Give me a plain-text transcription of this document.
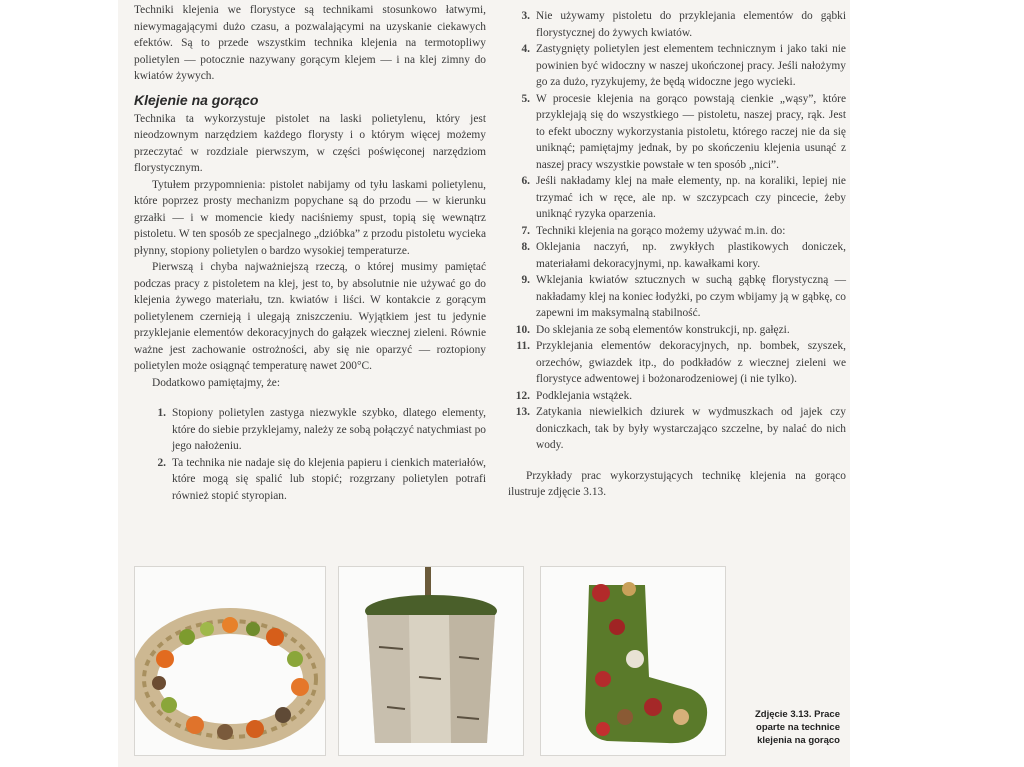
Techniki klejenia we florystyce są technikami stosunkowo łatwymi, niewymagającymi dużo czasu, a pozwalającymi na uzyskanie ciekawych efektów. Są to przede wszystkim technika klejenia na termotopliwy polietylen — potocznie nazywany gorącym klejem — i na klej zimny do kwiatów żywych.

Klejenie na gorąco

Technika ta wykorzystuje pistolet na laski polietylenu, który jest nieodzownym narzędziem każdego florysty i o którym więcej możemy przeczytać w rozdziale pierwszym, w części poświęconej narzędziom florystycznym.

Tytułem przypomnienia: pistolet nabijamy od tyłu laskami polietylenu, które poprzez prosty mechanizm popychane są do przodu — w kierunku grzałki — i w momencie kiedy naciśniemy spust, topią się wewnątrz pistoletu. W ten sposób ze specjalnego „dzióbka” z przodu pistoletu wycieka płynny, stopiony polietylen o bardzo wysokiej temperaturze.

Pierwszą i chyba najważniejszą rzeczą, o której musimy pamiętać podczas pracy z pistoletem na klej, jest to, by absolutnie nie używać go do klejenia żywego materiału, tzn. kwiatów i liści. W kontakcie z gorącym polietylenem czernieją i ulegają zniszczeniu. Wyjątkiem jest tu jedynie przyklejanie elementów dekoracyjnych do gałązek wiecznej zieleni. Równie ważne jest zachowanie ostrożności, aby się nie oparzyć — roztopiony polietylen może osiągnąć temperaturę nawet 200°C.

Dodatkowo pamiętajmy, że:

1. Stopiony polietylen zastyga niezwykle szybko, dlatego elementy, które do siebie przyklejamy, należy ze sobą połączyć natychmiast po jego nałożeniu.
2. Ta technika nie nadaje się do klejenia papieru i cienkich materiałów, które mogą się spalić lub stopić; rozgrzany polietylen potrafi również stopić styropian.
3. Nie używamy pistoletu do przyklejania elementów do gąbki florystycznej do żywych kwiatów.
4. Zastygnięty polietylen jest elementem technicznym i jako taki nie powinien być widoczny w naszej ukończonej pracy. Jeśli nałożymy go za dużo, ryzykujemy, że będą widoczne jego wycieki.
5. W procesie klejenia na gorąco powstają cienkie „wąsy”, które przyklejają się do wszystkiego — pistoletu, naszej pracy, rąk. Jest to efekt uboczny wykorzystania pistoletu, którego raczej nie da się uniknąć; pamiętajmy jednak, by po skończeniu klejenia usunąć z naszej pracy wszystkie powstałe w ten sposób „nici”.
6. Jeśli nakładamy klej na małe elementy, np. na koraliki, lepiej nie trzymać ich w ręce, ale np. w szczypcach czy pincecie, żeby uniknąć ryzyka oparzenia.
7. Techniki klejenia na gorąco możemy używać m.in. do:
8. Oklejania naczyń, np. zwykłych plastikowych doniczek, materiałami dekoracyjnymi, np. kawałkami kory.
9. Wklejania kwiatów sztucznych w suchą gąbkę florystyczną — nakładamy klej na koniec łodyżki, po czym wbijamy ją w gąbkę, co zapewni im maksymalną stabilność.
10. Do sklejania ze sobą elementów konstrukcji, np. gałęzi.
11. Przyklejania elementów dekoracyjnych, np. bombek, szyszek, orzechów, gwiazdek itp., do podkładów z wiecznej zieleni we florystyce adwentowej i bożonarodzeniowej (i nie tylko).
12. Podklejania wstążek.
13. Zatykania niewielkich dziurek w wydmuszkach od jajek czy doniczkach, tak by były wystarczająco szczelne, by nalać do nich wody.

Przykłady prac wykorzystujących technikę klejenia na gorąco ilustruje zdjęcie 3.13.

Zdjęcie 3.13. Prace oparte na technice klejenia na gorąco
